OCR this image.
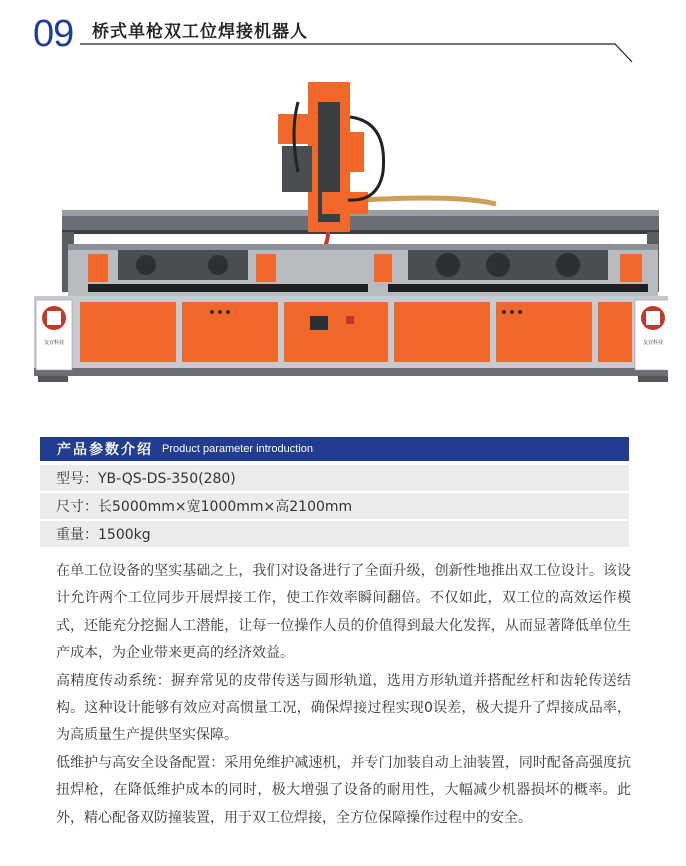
09 桥式单枪双工位焊接机器人
友宜科技	友宜科技
产品参数介绍 Product parameter introduction
型号：YB-QS-DS-350(280)
尺寸：长5000mm×宽1000mm×高2100mm
重量：1500kg

在单工位设备的坚实基础之上，我们对设备进行了全面升级，创新性地推出双工位设计。该设计允许两个工位同步开展焊接工作，使工作效率瞬间翻倍。不仅如此，双工位的高效运作模式，还能充分挖掘人工潜能，让每一位操作人员的价值得到最大化发挥，从而显著降低单位生产成本，为企业带来更高的经济效益。

高精度传动系统：摒弃常见的皮带传送与圆形轨道，选用方形轨道并搭配丝杆和齿轮传送结构。这种设计能够有效应对高惯量工况，确保焊接过程实现0误差，极大提升了焊接成品率，为高质量生产提供坚实保障。

低维护与高安全设备配置：采用免维护减速机，并专门加装自动上油装置，同时配备高强度抗扭焊枪，在降低维护成本的同时，极大增强了设备的耐用性，大幅减少机器损坏的概率。此外，精心配备双防撞装置，用于双工位焊接，全方位保障操作过程中的安全。
